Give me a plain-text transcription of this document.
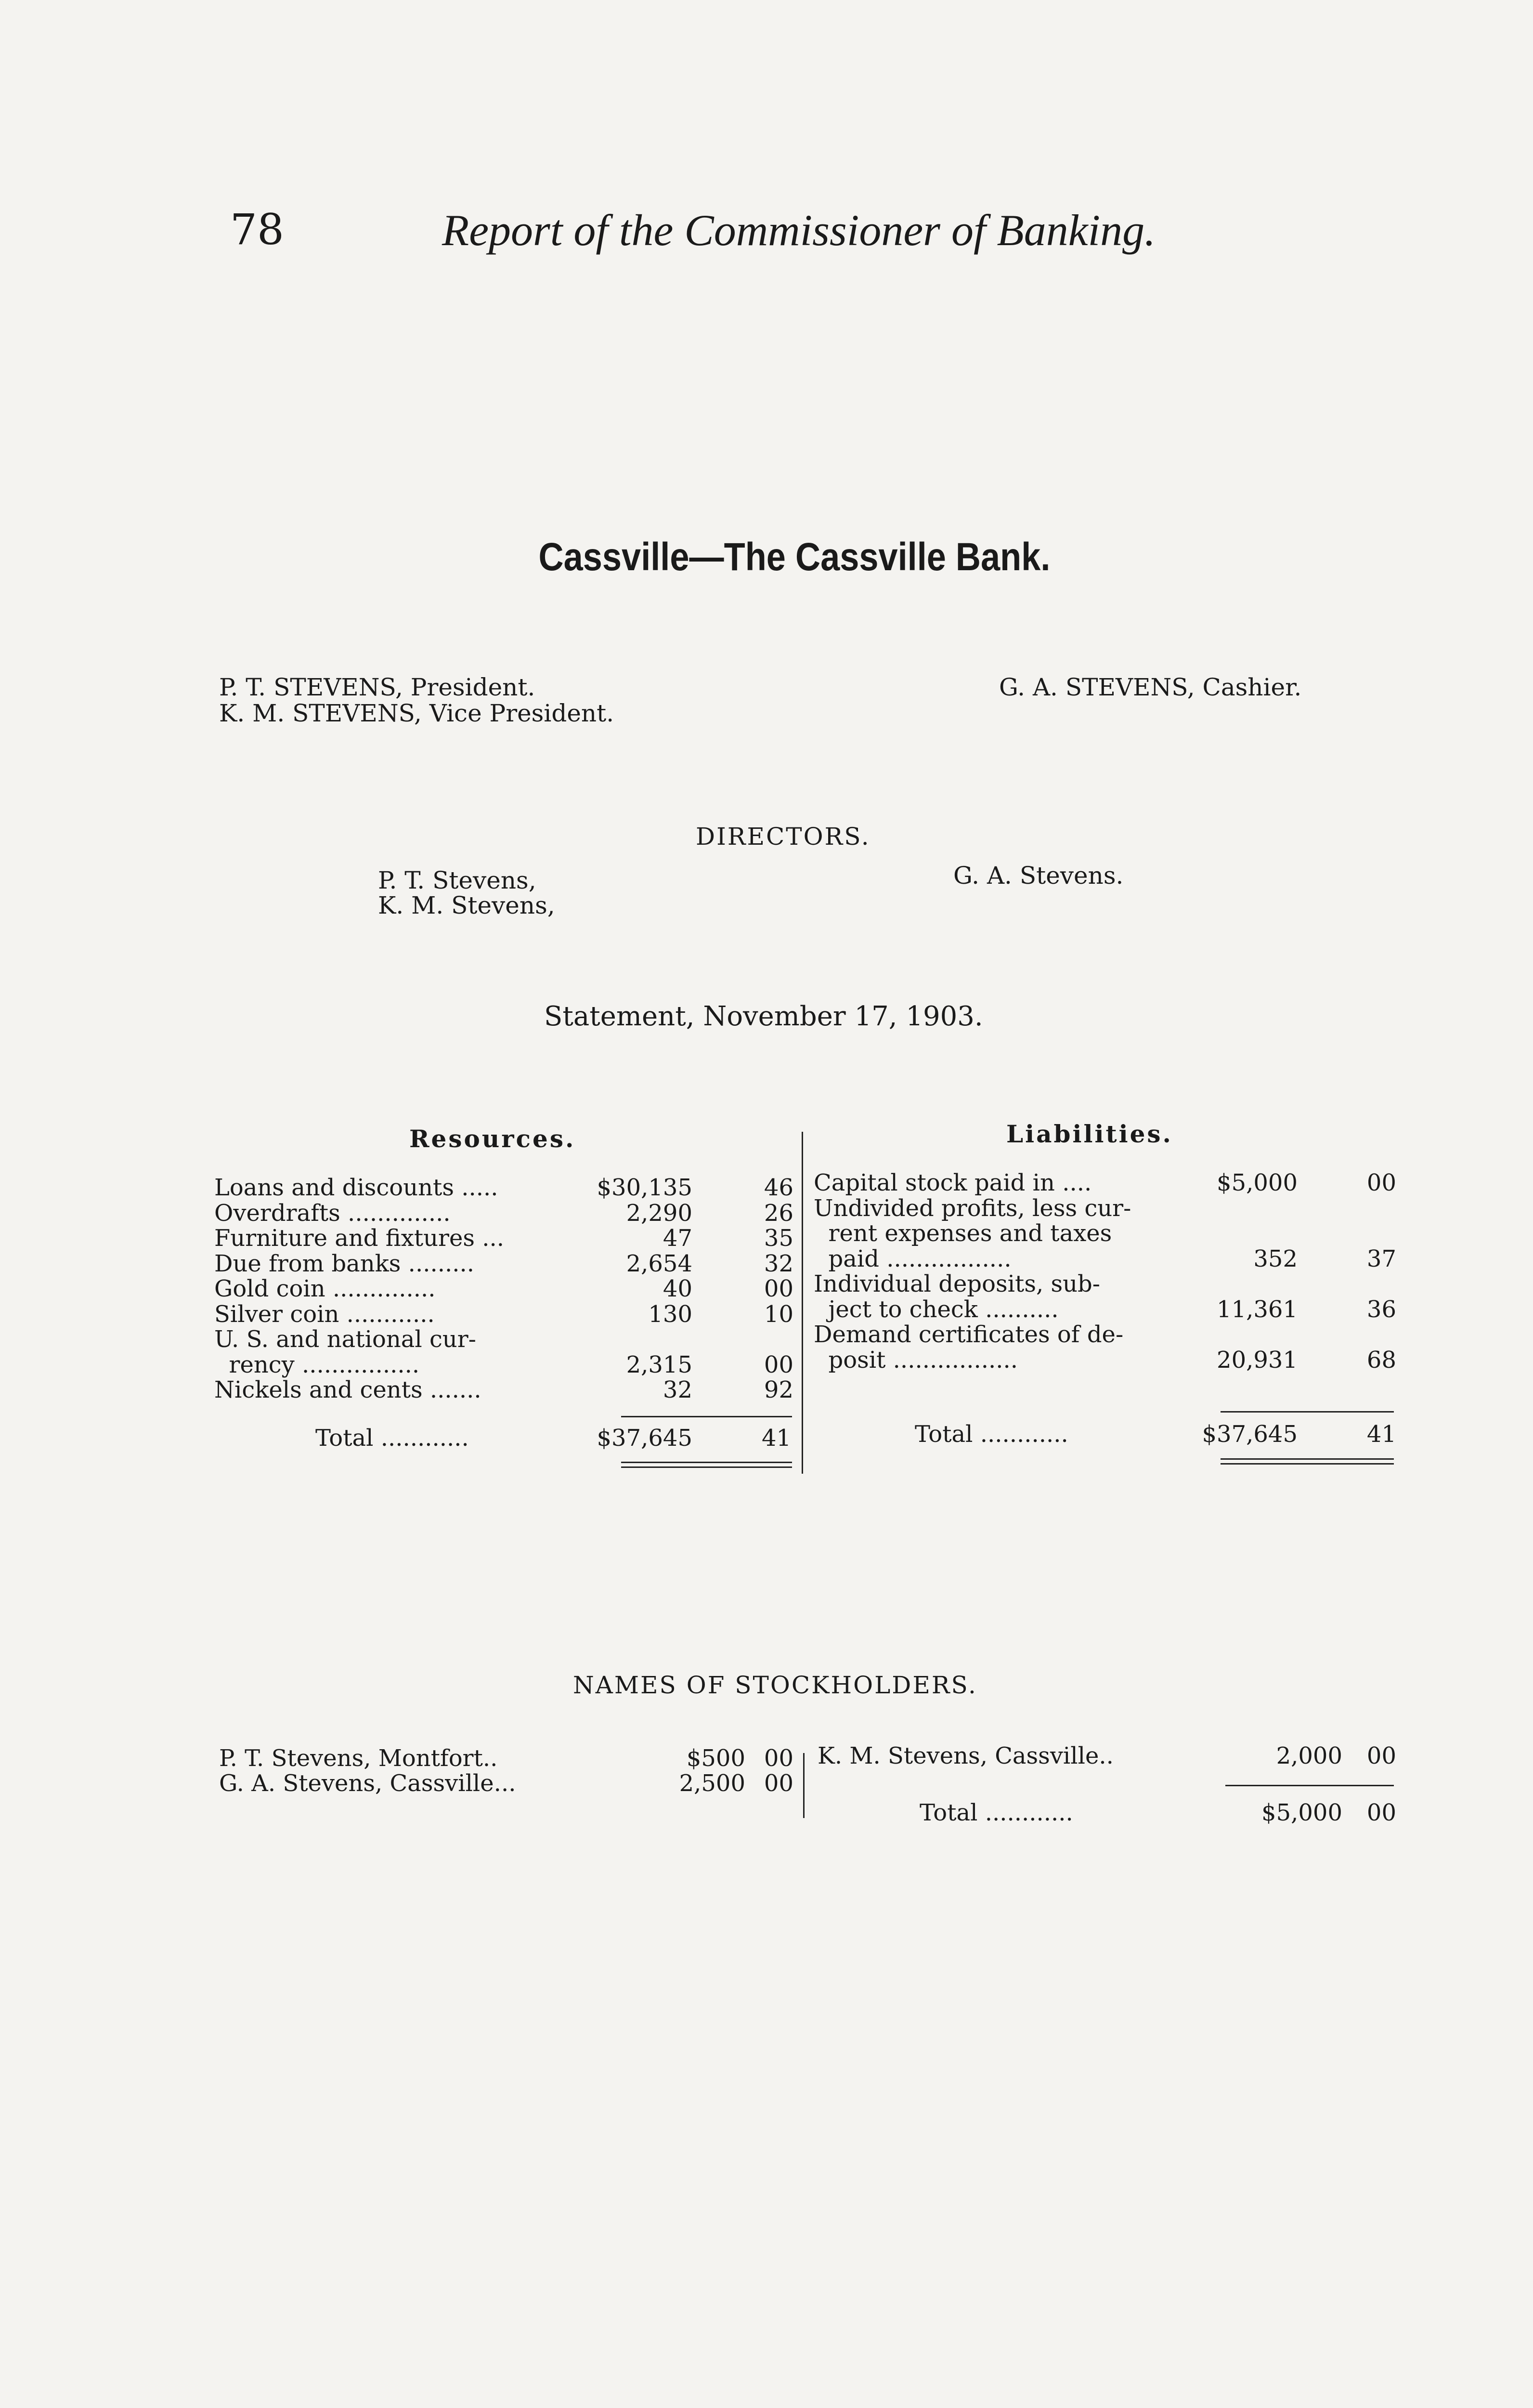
78	Report of the Commissioner of Banking.
Cassville—The Cassville Bank.
P. T. STEVENS, President.
K. M. STEVENS, Vice President.
G. A. STEVENS, Cashier.
DIRECTORS.
P. T. Stevens,
K. M. Stevens,
G. A. Stevens.
Statement, November 17, 1903.
Resources.	Liabilities.
Loans and discounts .....	$30,135	46
Overdrafts ..............	2,290	26
Furniture and fixtures ...	47	35
Due from banks .........	2,654	32
Gold coin ..............	40	00
Silver coin ............	130	10
U. S. and national cur-
rency ................	2,315	00
Nickels and cents .......	32	92
Capital stock paid in ....	$5,000	00
Undivided profits, less cur-
rent expenses and taxes
paid .................	352	37
Individual deposits, sub-
ject to check ..........	11,361	36
Demand certificates of de-
posit .................	20,931	68
Total ............	$37,645	41	Total ............	$37,645	41
NAMES OF STOCKHOLDERS.
P. T. Stevens, Montfort..	$500 00
G. A. Stevens, Cassville...	2,500 00
K. M. Stevens, Cassville..	2,000	00
Total ............	$5,000	00
